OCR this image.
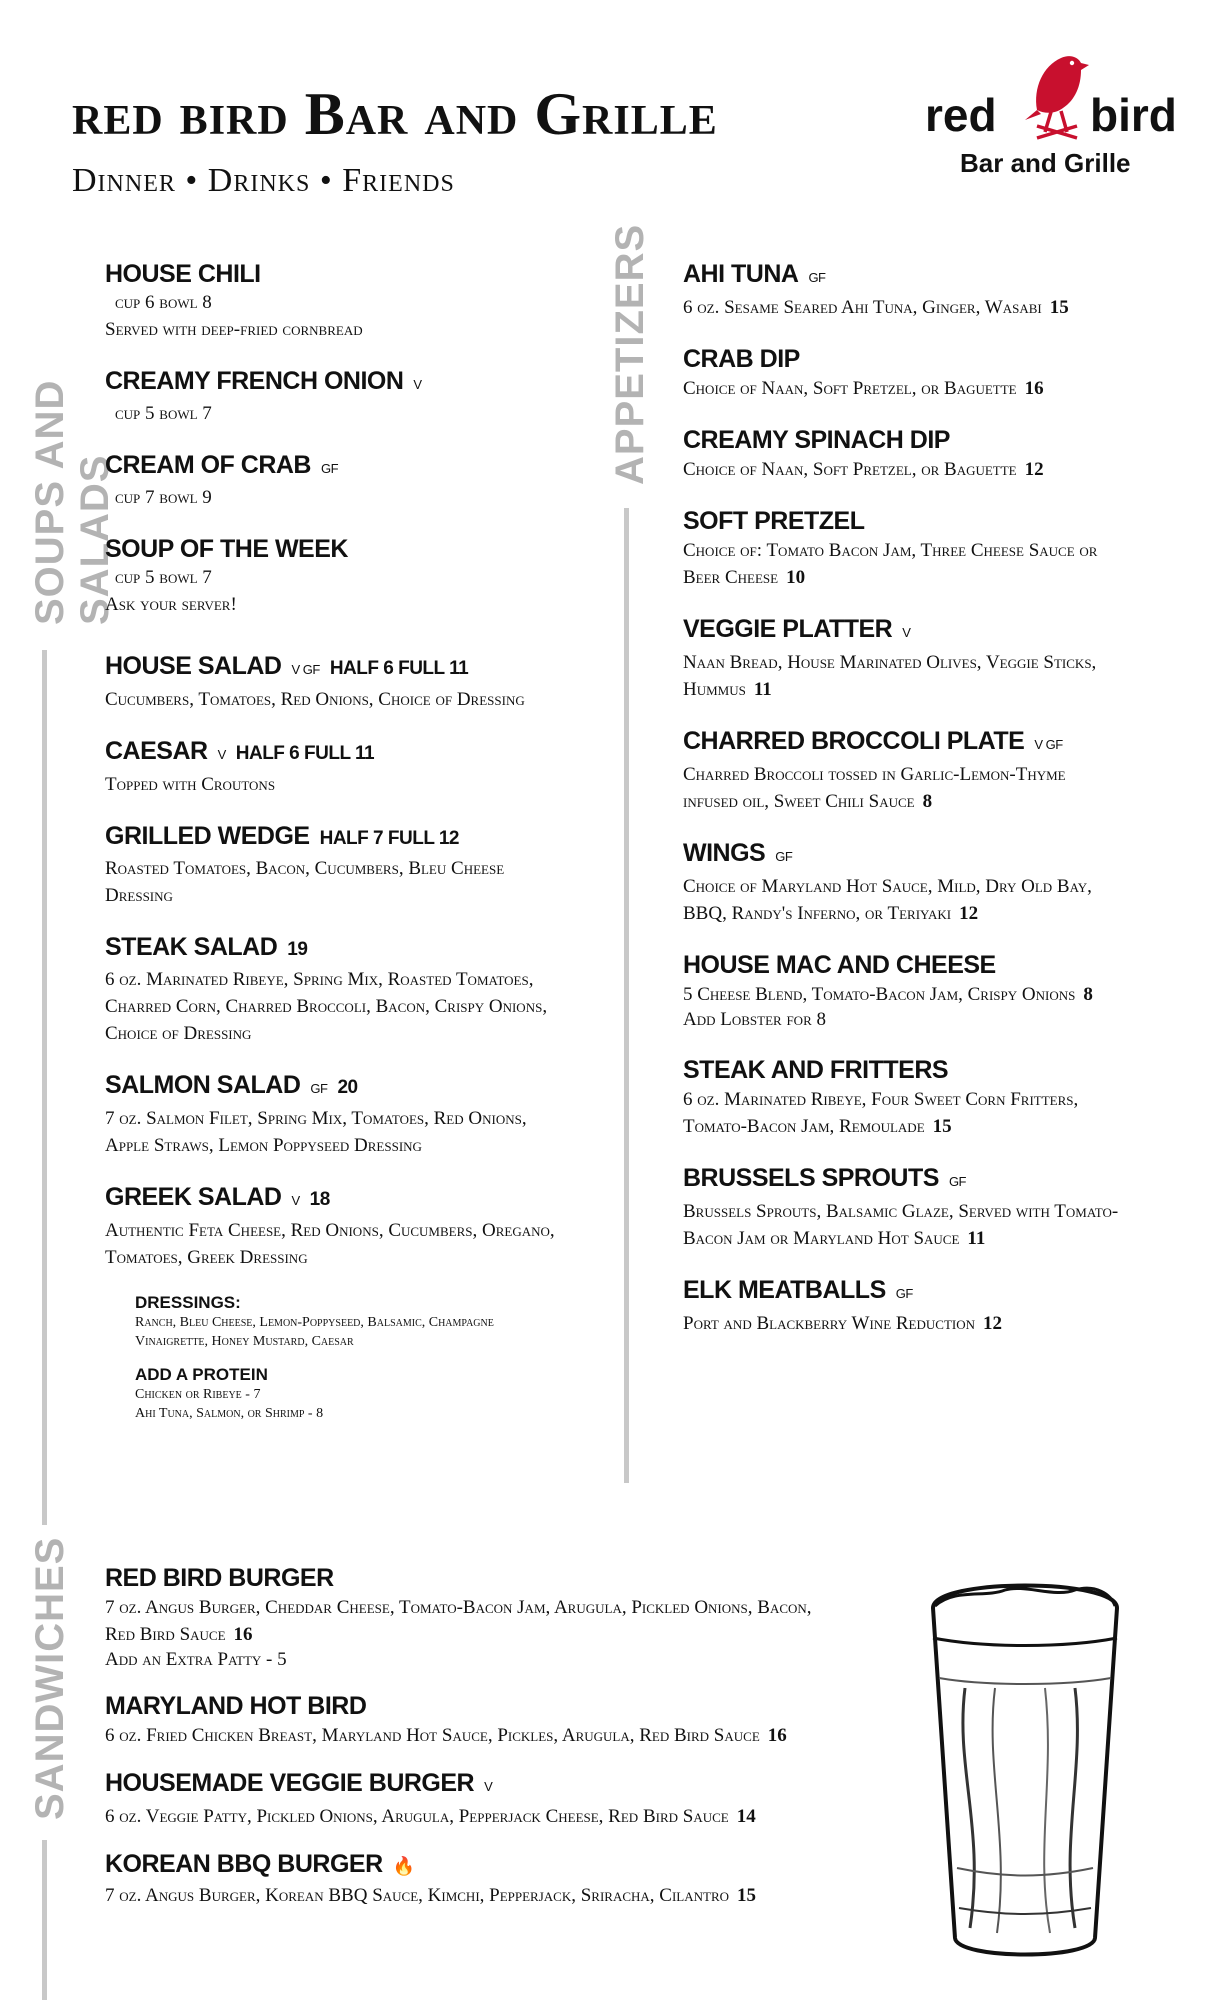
red bird Bar and Grille
Dinner • Drinks • Friends
red bird
Bar and Grille
SOUPS AND SALADS
APPETIZERS
SANDWICHES
HOUSE CHILI
cup 6 bowl 8
Served with deep-fried cornbread
CREAMY FRENCH ONION V
cup 5 bowl 7
CREAM OF CRAB GF
cup 7 bowl 9
SOUP OF THE WEEK
cup 5 bowl 7
Ask your server!
HOUSE SALAD V GF HALF 6 FULL 11
Cucumbers, Tomatoes, Red Onions, Choice of Dressing
CAESAR V HALF 6 FULL 11
Topped with Croutons
GRILLED WEDGE HALF 7 FULL 12
Roasted Tomatoes, Bacon, Cucumbers, Bleu Cheese Dressing
STEAK SALAD 19
6 oz. Marinated Ribeye, Spring Mix, Roasted Tomatoes, Charred Corn, Charred Broccoli, Bacon, Crispy Onions, Choice of Dressing
SALMON SALAD GF 20
7 oz. Salmon Filet, Spring Mix, Tomatoes, Red Onions, Apple Straws, Lemon Poppyseed Dressing
GREEK SALAD V 18
Authentic Feta Cheese, Red Onions, Cucumbers, Oregano, Tomatoes, Greek Dressing
DRESSINGS:
Ranch, Bleu Cheese, Lemon-Poppyseed, Balsamic, Champagne Vinaigrette, Honey Mustard, Caesar
ADD A PROTEIN
Chicken or Ribeye - 7
Ahi Tuna, Salmon, or Shrimp - 8
AHI TUNA GF
6 oz. Sesame Seared Ahi Tuna, Ginger, Wasabi 15
CRAB DIP
Choice of Naan, Soft Pretzel, or Baguette 16
CREAMY SPINACH DIP
Choice of Naan, Soft Pretzel, or Baguette 12
SOFT PRETZEL
Choice of: Tomato Bacon Jam, Three Cheese Sauce or Beer Cheese 10
VEGGIE PLATTER V
Naan Bread, House Marinated Olives, Veggie Sticks, Hummus 11
CHARRED BROCCOLI PLATE V GF
Charred Broccoli tossed in Garlic-Lemon-Thyme infused oil, Sweet Chili Sauce 8
WINGS GF
Choice of Maryland Hot Sauce, Mild, Dry Old Bay, BBQ, Randy's Inferno, or Teriyaki 12
HOUSE MAC AND CHEESE
5 Cheese Blend, Tomato-Bacon Jam, Crispy Onions 8
Add Lobster for 8
STEAK AND FRITTERS
6 oz. Marinated Ribeye, Four Sweet Corn Fritters, Tomato-Bacon Jam, Remoulade 15
BRUSSELS SPROUTS GF
Brussels Sprouts, Balsamic Glaze, Served with Tomato-Bacon Jam or Maryland Hot Sauce 11
ELK MEATBALLS GF
Port and Blackberry Wine Reduction 12
RED BIRD BURGER
7 oz. Angus Burger, Cheddar Cheese, Tomato-Bacon Jam, Arugula, Pickled Onions, Bacon, Red Bird Sauce 16
Add an Extra Patty - 5
MARYLAND HOT BIRD
6 oz. Fried Chicken Breast, Maryland Hot Sauce, Pickles, Arugula, Red Bird Sauce 16
HOUSEMADE VEGGIE BURGER V
6 oz. Veggie Patty, Pickled Onions, Arugula, Pepperjack Cheese, Red Bird Sauce 14
KOREAN BBQ BURGER 🔥
7 oz. Angus Burger, Korean BBQ Sauce, Kimchi, Pepperjack, Sriracha, Cilantro 15
